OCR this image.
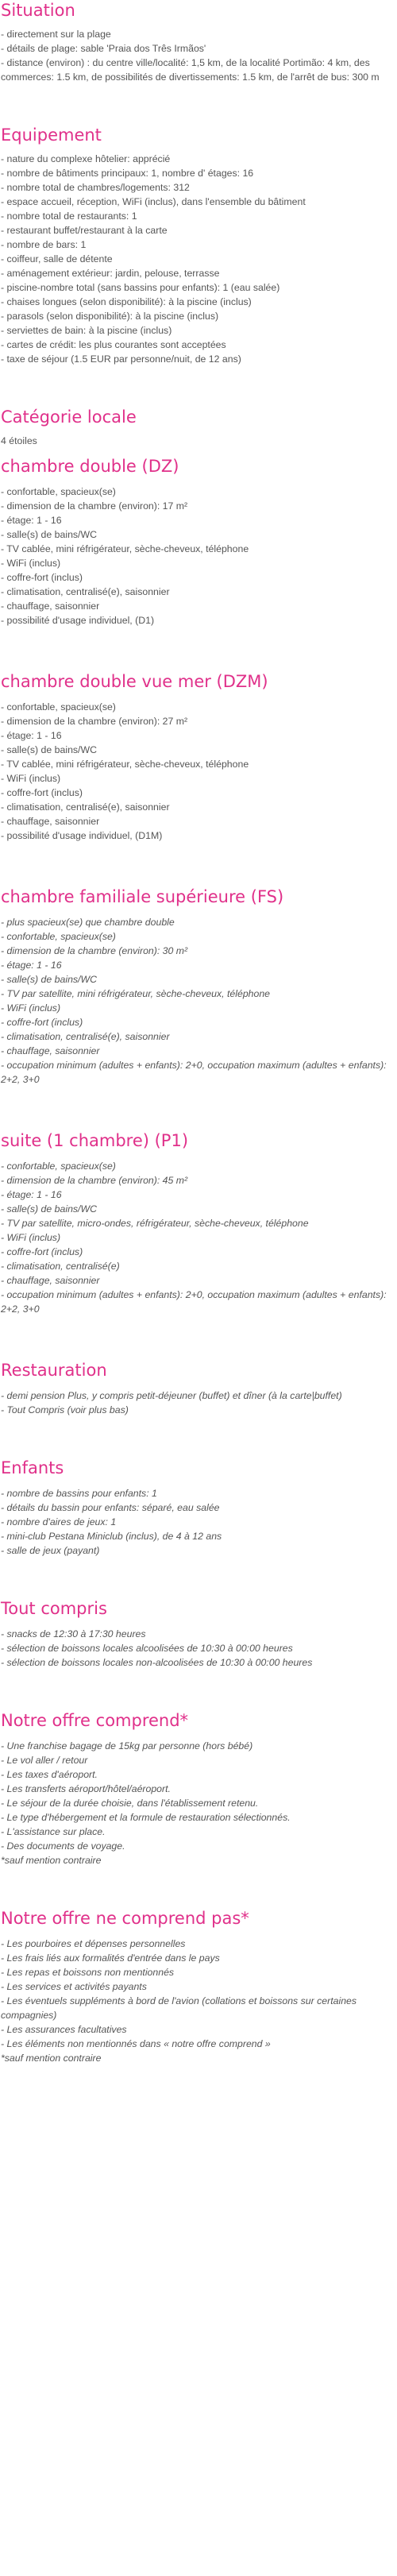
Situation
- directement sur la plage
- détails de plage: sable 'Praia dos Três Irmãos'
- distance (environ) : du centre ville/localité: 1,5 km, de la localité Portimão: 4 km, des commerces: 1.5 km, de possibilités de divertissements: 1.5 km, de l'arrêt de bus: 300 m
Equipement
- nature du complexe hôtelier: apprécié
- nombre de bâtiments principaux: 1, nombre d' étages: 16
- nombre total de chambres/logements: 312
- espace accueil, réception, WiFi (inclus), dans l'ensemble du bâtiment
- nombre total de restaurants: 1
- restaurant buffet/restaurant à la carte
- nombre de bars: 1
- coiffeur, salle de détente
- aménagement extérieur: jardin, pelouse, terrasse
- piscine-nombre total (sans bassins pour enfants): 1 (eau salée)
- chaises longues (selon disponibilité): à la piscine (inclus)
- parasols (selon disponibilité): à la piscine (inclus)
- serviettes de bain: à la piscine (inclus)
- cartes de crédit: les plus courantes sont acceptées
- taxe de séjour (1.5 EUR par personne/nuit, de 12 ans)
Catégorie locale
4 étoiles
chambre double (DZ)
- confortable, spacieux(se)
- dimension de la chambre (environ): 17 m²
- étage: 1 - 16
- salle(s) de bains/WC
- TV cablée, mini réfrigérateur, sèche-cheveux, téléphone
- WiFi (inclus)
- coffre-fort (inclus)
- climatisation, centralisé(e), saisonnier
- chauffage, saisonnier
- possibilité d'usage individuel, (D1)
chambre double vue mer (DZM)
- confortable, spacieux(se)
- dimension de la chambre (environ): 27 m²
- étage: 1 - 16
- salle(s) de bains/WC
- TV cablée, mini réfrigérateur, sèche-cheveux, téléphone
- WiFi (inclus)
- coffre-fort (inclus)
- climatisation, centralisé(e), saisonnier
- chauffage, saisonnier
- possibilité d'usage individuel, (D1M)
chambre familiale supérieure (FS)
- plus spacieux(se) que chambre double
- confortable, spacieux(se)
- dimension de la chambre (environ): 30 m²
- étage: 1 - 16
- salle(s) de bains/WC
- TV par satellite, mini réfrigérateur, sèche-cheveux, téléphone
- WiFi (inclus)
- coffre-fort (inclus)
- climatisation, centralisé(e), saisonnier
- chauffage, saisonnier
- occupation minimum (adultes + enfants): 2+0, occupation maximum (adultes + enfants): 2+2, 3+0
suite (1 chambre) (P1)
- confortable, spacieux(se)
- dimension de la chambre (environ): 45 m²
- étage: 1 - 16
- salle(s) de bains/WC
- TV par satellite, micro-ondes, réfrigérateur, sèche-cheveux, téléphone
- WiFi (inclus)
- coffre-fort (inclus)
- climatisation, centralisé(e)
- chauffage, saisonnier
- occupation minimum (adultes + enfants): 2+0, occupation maximum (adultes + enfants): 2+2, 3+0
Restauration
- demi pension Plus, y compris petit-déjeuner (buffet) et dîner (à la carte|buffet)
- Tout Compris (voir plus bas)
Enfants
- nombre de bassins pour enfants: 1
- détails du bassin pour enfants: séparé, eau salée
- nombre d'aires de jeux: 1
- mini-club Pestana Miniclub (inclus), de 4 à 12 ans
- salle de jeux (payant)
Tout compris
- snacks de 12:30 à 17:30 heures
- sélection de boissons locales alcoolisées de 10:30 à 00:00 heures
- sélection de boissons locales non-alcoolisées de 10:30 à 00:00 heures
Notre offre comprend*
- Une franchise bagage de 15kg par personne (hors bébé)
- Le vol aller / retour
- Les taxes d'aéroport.
- Les transferts aéroport/hôtel/aéroport.
- Le séjour de la durée choisie, dans l'établissement retenu.
- Le type d'hébergement et la formule de restauration sélectionnés.
- L'assistance sur place.
- Des documents de voyage.
*sauf mention contraire
Notre offre ne comprend pas*
- Les pourboires et dépenses personnelles
- Les frais liés aux formalités d'entrée dans le pays
- Les repas et boissons non mentionnés
- Les services et activités payants
- Les éventuels suppléments à bord de l'avion (collations et boissons sur certaines compagnies)
- Les assurances facultatives
- Les éléments non mentionnés dans « notre offre comprend »
*sauf mention contraire
